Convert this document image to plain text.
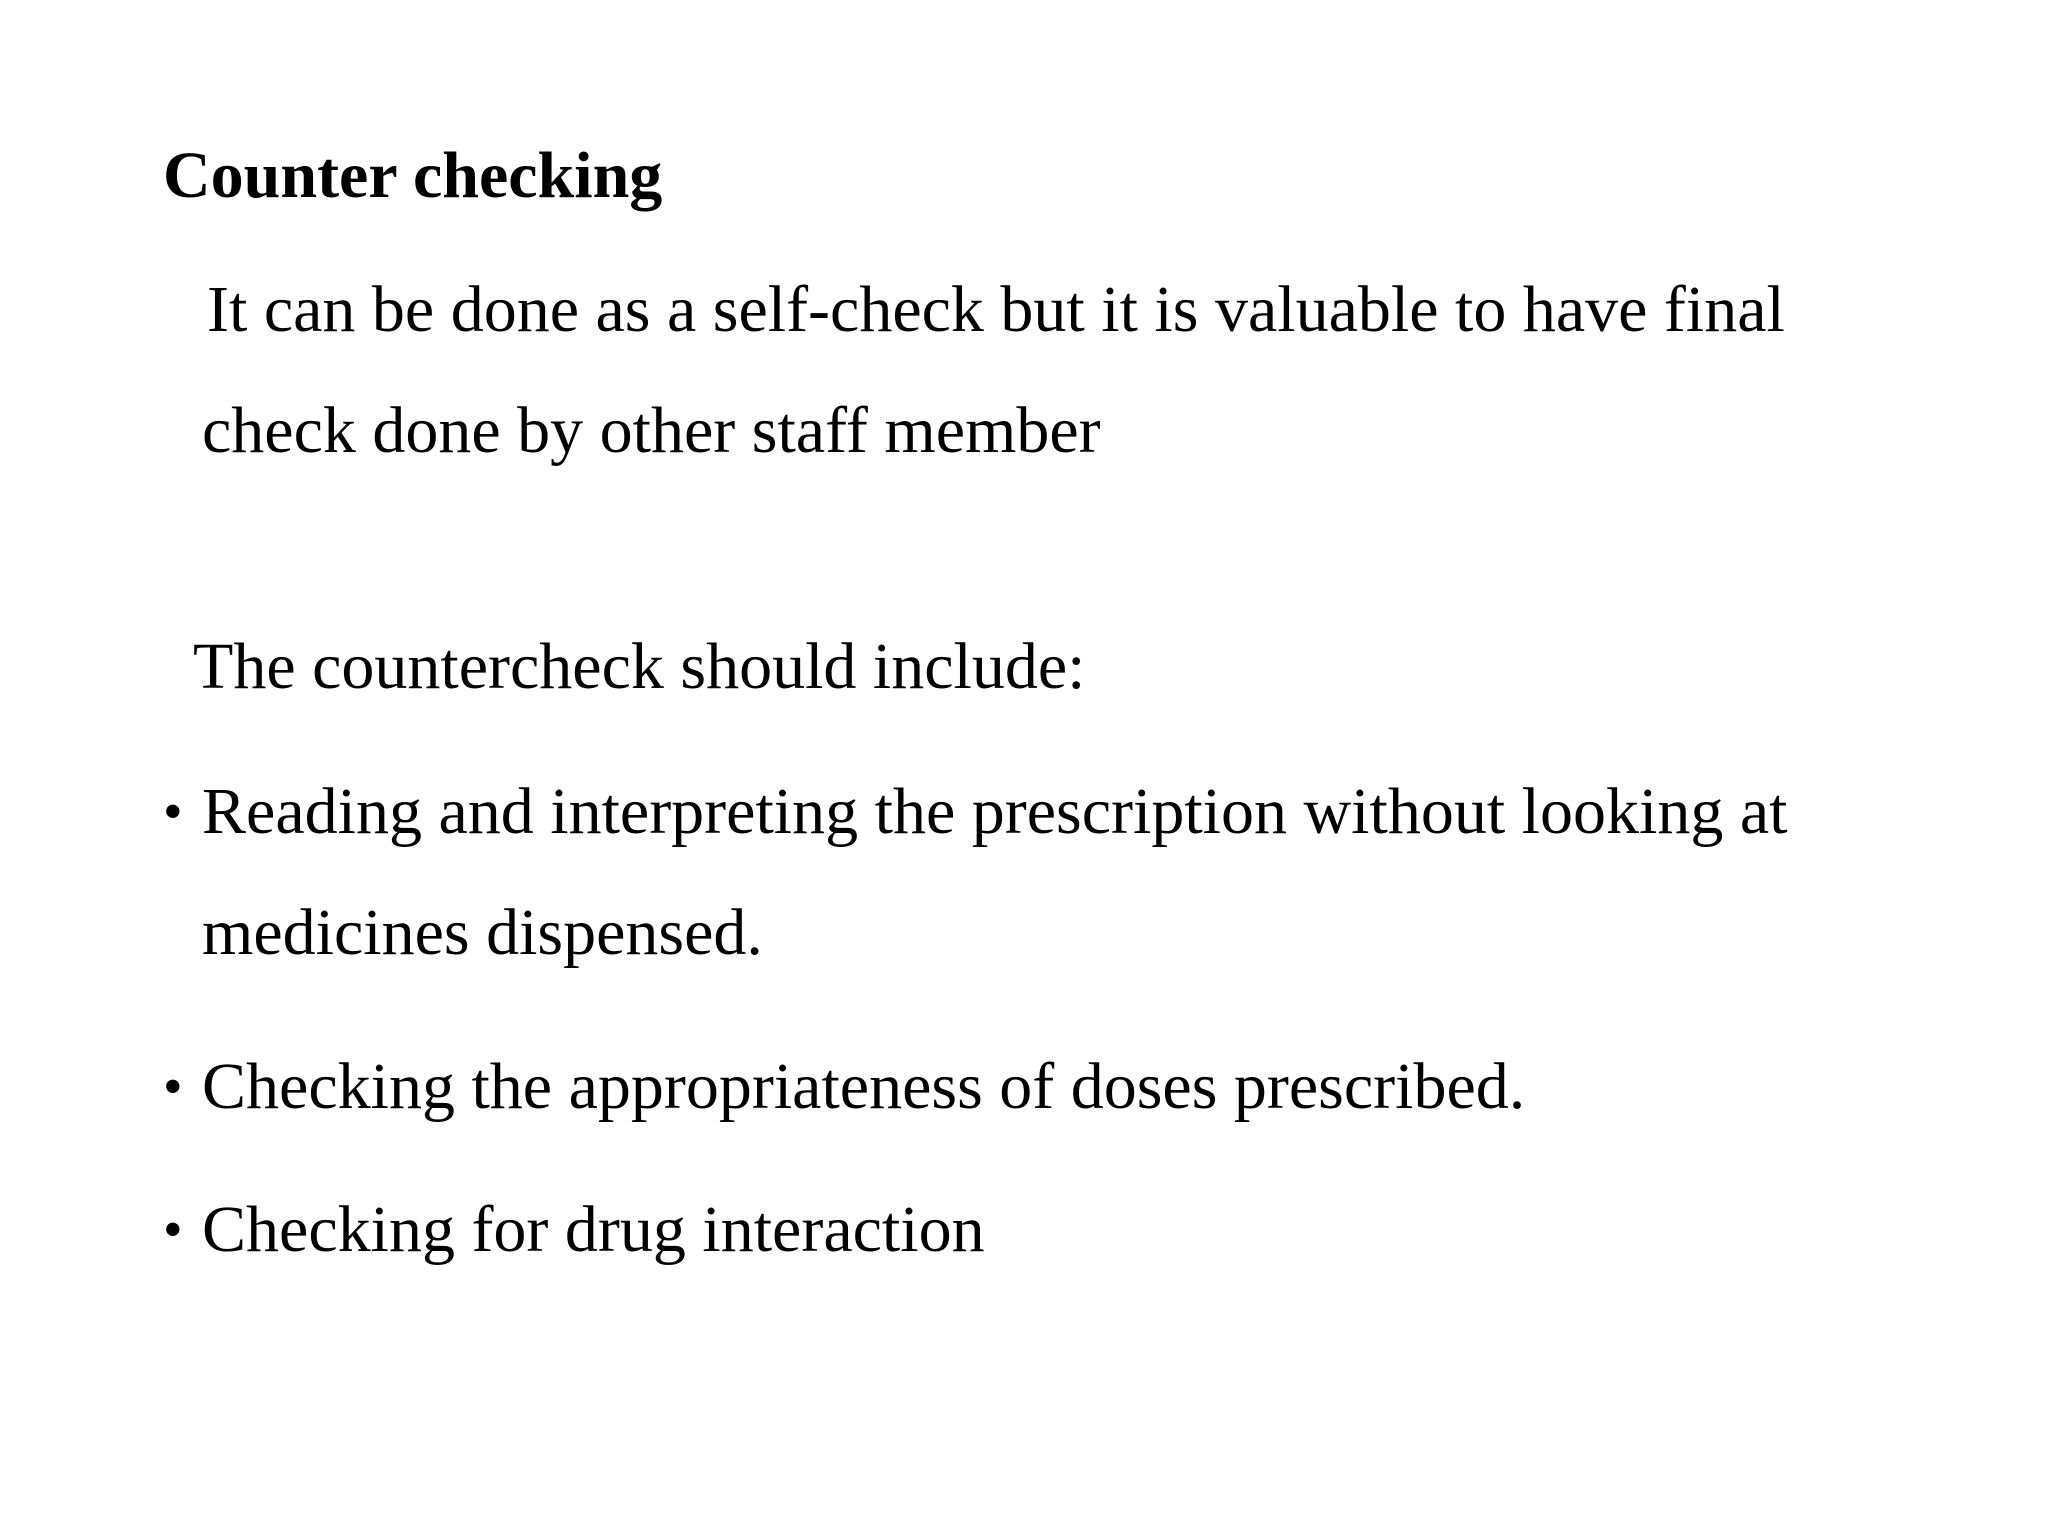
Counter checking
It can be done as a self-check but it is valuable to have final
check done by other staff member
The countercheck should include:
• Reading and interpreting the prescription without looking at
medicines dispensed.
• Checking the appropriateness of doses prescribed.
• Checking for drug interaction
